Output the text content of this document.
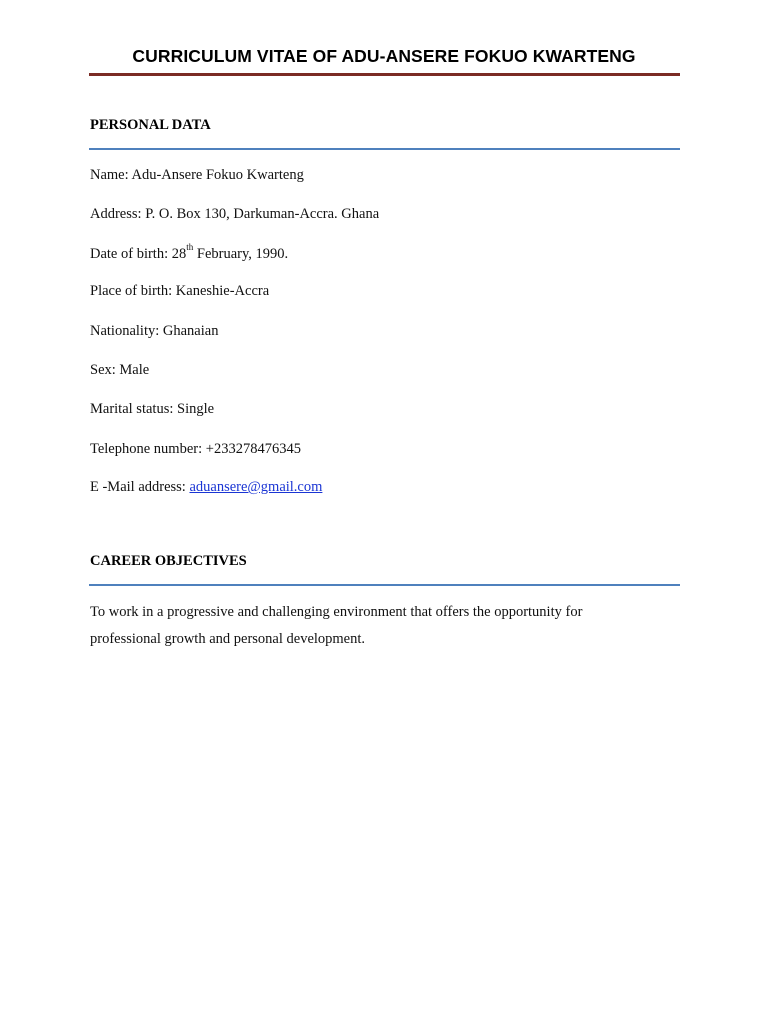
CURRICULUM VITAE OF ADU-ANSERE FOKUO KWARTENG
PERSONAL DATA
Name: Adu-Ansere Fokuo Kwarteng
Address: P. O. Box 130, Darkuman-Accra. Ghana
Date of birth: 28th February, 1990.
Place of birth: Kaneshie-Accra
Nationality: Ghanaian
Sex: Male
Marital status: Single
Telephone number: +233278476345
E -Mail address: aduansere@gmail.com
CAREER OBJECTIVES
To work in a progressive and challenging environment that offers the opportunity for
professional growth and personal development.
